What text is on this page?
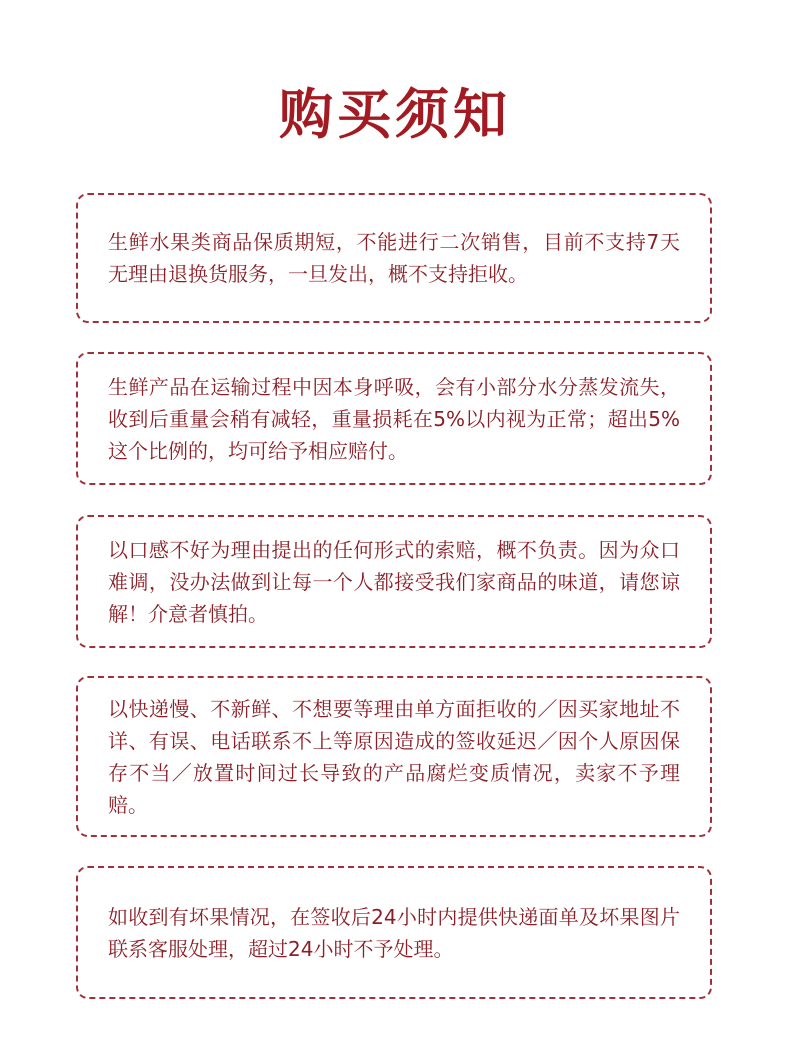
购买须知

生鲜水果类商品保质期短，不能进行二次销售，目前不支持7天无理由退换货服务，一旦发出，概不支持拒收。

生鲜产品在运输过程中因本身呼吸，会有小部分水分蒸发流失，收到后重量会稍有减轻，重量损耗在5%以内视为正常；超出5%这个比例的，均可给予相应赔付。

以口感不好为理由提出的任何形式的索赔，概不负责。因为众口难调，没办法做到让每一个人都接受我们家商品的味道，请您谅解！介意者慎拍。

以快递慢、不新鲜、不想要等理由单方面拒收的／因买家地址不详、有误、电话联系不上等原因造成的签收延迟／因个人原因保存不当／放置时间过长导致的产品腐烂变质情况，卖家不予理赔。

如收到有坏果情况，在签收后24小时内提供快递面单及坏果图片联系客服处理，超过24小时不予处理。
